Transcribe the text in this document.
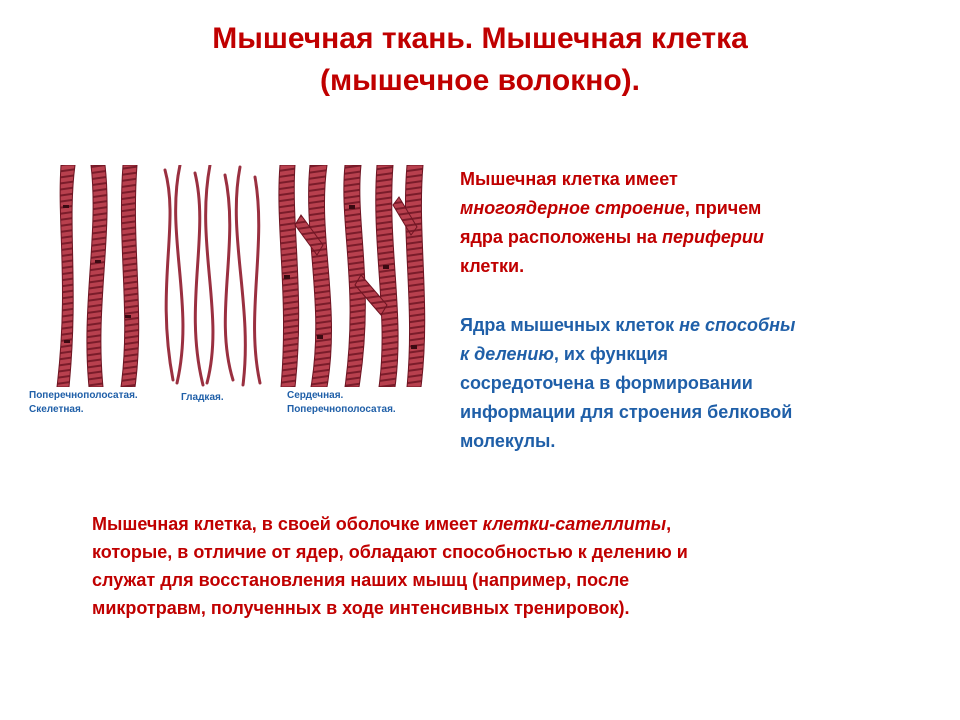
Мышечная ткань. Мышечная клетка
(мышечное волокно).
Поперечнополосатая.
Скелетная.
Гладкая.	Сердечная.
Поперечнополосатая.
Мышечная клетка имеет
многоядерное строение, причем
ядра расположены на периферии
клетки.
Ядра мышечных клеток не способны
к делению, их функция
сосредоточена в формировании
информации для строения белковой
молекулы.
Мышечная клетка, в своей оболочке имеет клетки-сателлиты,
которые, в отличие от ядер, обладают способностью к делению и
служат для восстановления наших мышц (например, после
микротравм, полученных в ходе интенсивных тренировок).
